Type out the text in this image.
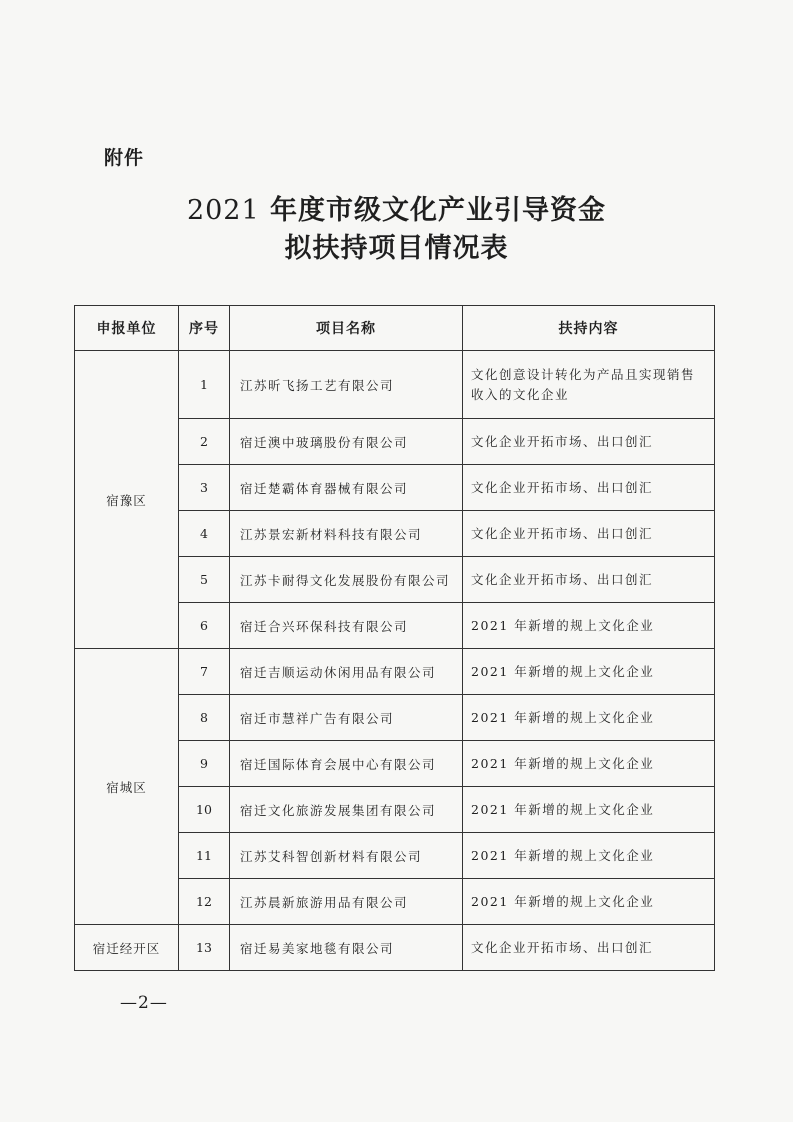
附件
2021 年度市级文化产业引导资金
拟扶持项目情况表
申报单位	序号	项目名称	扶持内容
宿豫区	1	江苏昕飞扬工艺有限公司	文化创意设计转化为产品且实现销售收入的文化企业
	2	宿迁澳中玻璃股份有限公司	文化企业开拓市场、出口创汇
	3	宿迁楚霸体育器械有限公司	文化企业开拓市场、出口创汇
	4	江苏景宏新材料科技有限公司	文化企业开拓市场、出口创汇
	5	江苏卡耐得文化发展股份有限公司	文化企业开拓市场、出口创汇
	6	宿迁合兴环保科技有限公司	2021 年新增的规上文化企业
宿城区	7	宿迁吉顺运动休闲用品有限公司	2021 年新增的规上文化企业
	8	宿迁市慧祥广告有限公司	2021 年新增的规上文化企业
	9	宿迁国际体育会展中心有限公司	2021 年新增的规上文化企业
	10	宿迁文化旅游发展集团有限公司	2021 年新增的规上文化企业
	11	江苏艾科智创新材料有限公司	2021 年新增的规上文化企业
	12	江苏晨新旅游用品有限公司	2021 年新增的规上文化企业
宿迁经开区	13	宿迁易美家地毯有限公司	文化企业开拓市场、出口创汇
—2—
